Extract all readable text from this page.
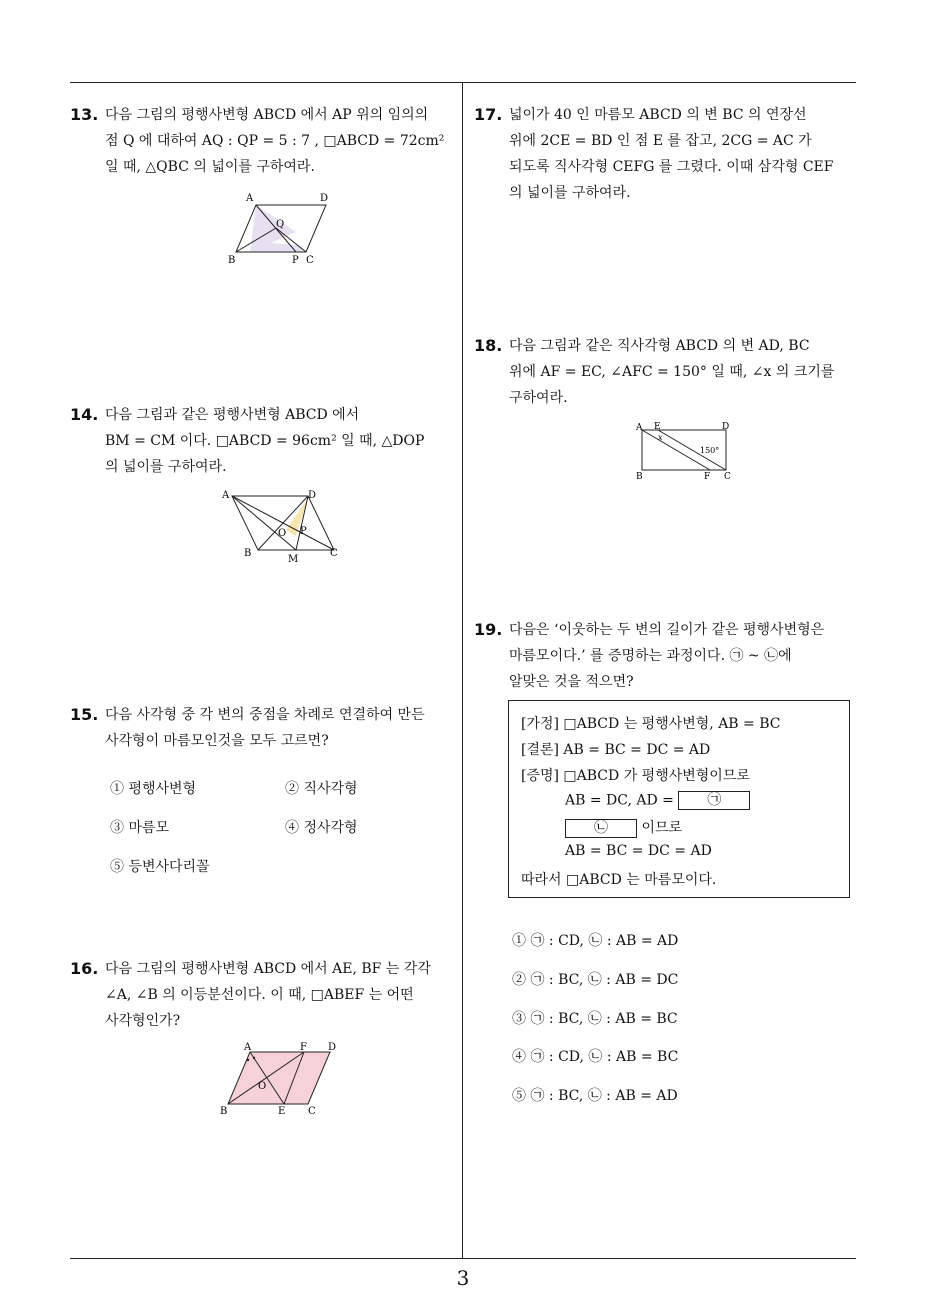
13. 다음 그림의 평행사변형 ABCD 에서 AP 위의 임의의
점 Q 에 대하여 AQ : QP = 5 : 7 , □ABCD = 72cm²
일 때, △QBC 의 넓이를 구하여라.
A	D
B	C
P
Q
14. 다음 그림과 같은 평행사변형 ABCD 에서
BM = CM 이다. □ABCD = 96cm² 일 때, △DOP
의 넓이를 구하여라.
A	D
B	C
O P
M
15. 다음 사각형 중 각 변의 중점을 차례로 연결하여 만든
사각형이 마름모인것을 모두 고르면?
① 평행사변형	② 직사각형
③ 마름모	④ 정사각형
⑤ 등변사다리꼴
16. 다음 그림의 평행사변형 ABCD 에서 AE, BF 는 각각
∠A, ∠B 의 이등분선이다. 이 때, □ABEF 는 어떤
사각형인가?
A	F D
B	E C
O
17. 넓이가 40 인 마름모 ABCD 의 변 BC 의 연장선
위에 2CE = BD 인 점 E 를 잡고, 2CG = AC 가
되도록 직사각형 CEFG 를 그렸다. 이때 삼각형 CEF
의 넓이를 구하여라.
18. 다음 그림과 같은 직사각형 ABCD 의 변 AD, BC
위에 AF = EC, ∠AFC = 150° 일 때, ∠x 의 크기를
구하여라.
A E	D
B	F C
x
150°
19. 다음은 ‘이웃하는 두 변의 길이가 같은 평행사변형은
마름모이다.’ 를 증명하는 과정이다. ㉠ ~ ㉡에
알맞은 것을 적으면?
[가정] □ABCD 는 평행사변형, AB = BC
[결론] AB = BC = DC = AD
[증명] □ABCD 가 평행사변형이므로
AB = DC, AD = ㉠
㉡ 이므로
AB = BC = DC = AD
따라서 □ABCD 는 마름모이다.
① ㉠ : CD, ㉡ : AB = AD
② ㉠ : BC, ㉡ : AB = DC
③ ㉠ : BC, ㉡ : AB = BC
④ ㉠ : CD, ㉡ : AB = BC
⑤ ㉠ : BC, ㉡ : AB = AD
3
